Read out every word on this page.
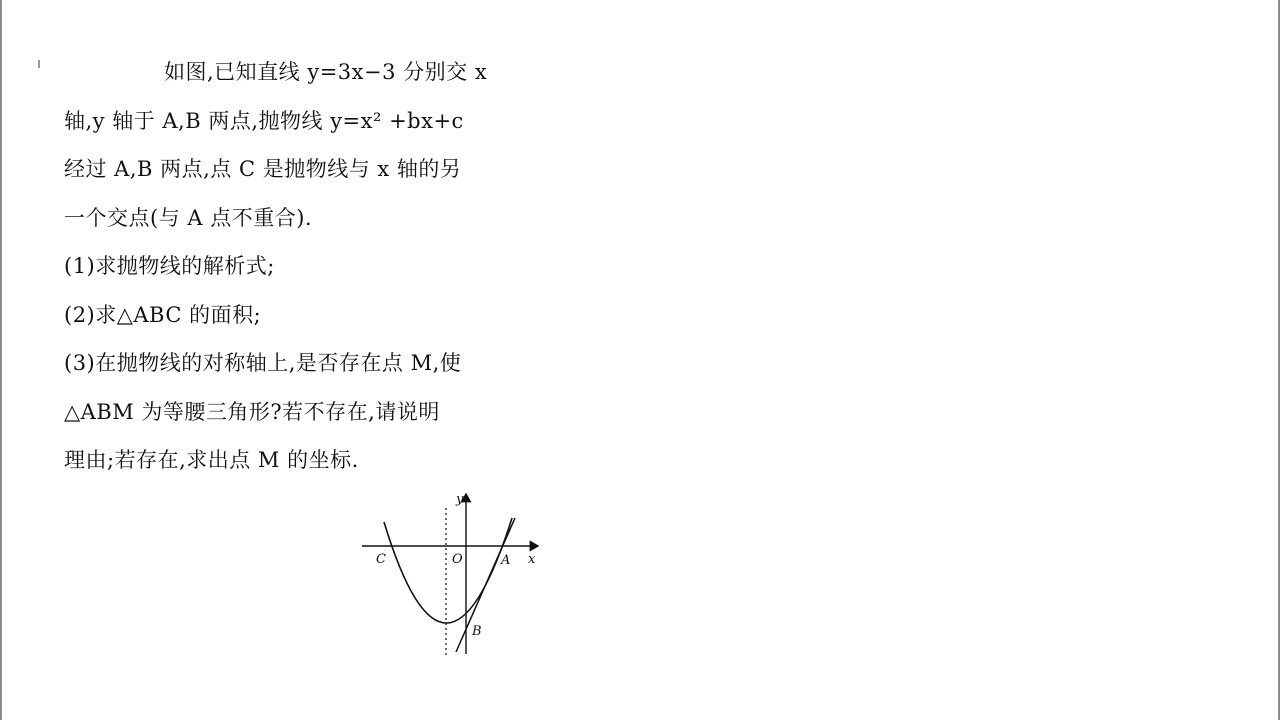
如图,已知直线 y=3x−3 分别交 x
轴,y 轴于 A,B 两点,抛物线 y=x² +bx+c
经过 A,B 两点,点 C 是抛物线与 x 轴的另
一个交点(与 A 点不重合).
(1)求抛物线的解析式;
(2)求△ABC 的面积;
(3)在抛物线的对称轴上,是否存在点 M,使
△ABM 为等腰三角形?若不存在,请说明
理由;若存在,求出点 M 的坐标.
y
x
O	A
B
C
